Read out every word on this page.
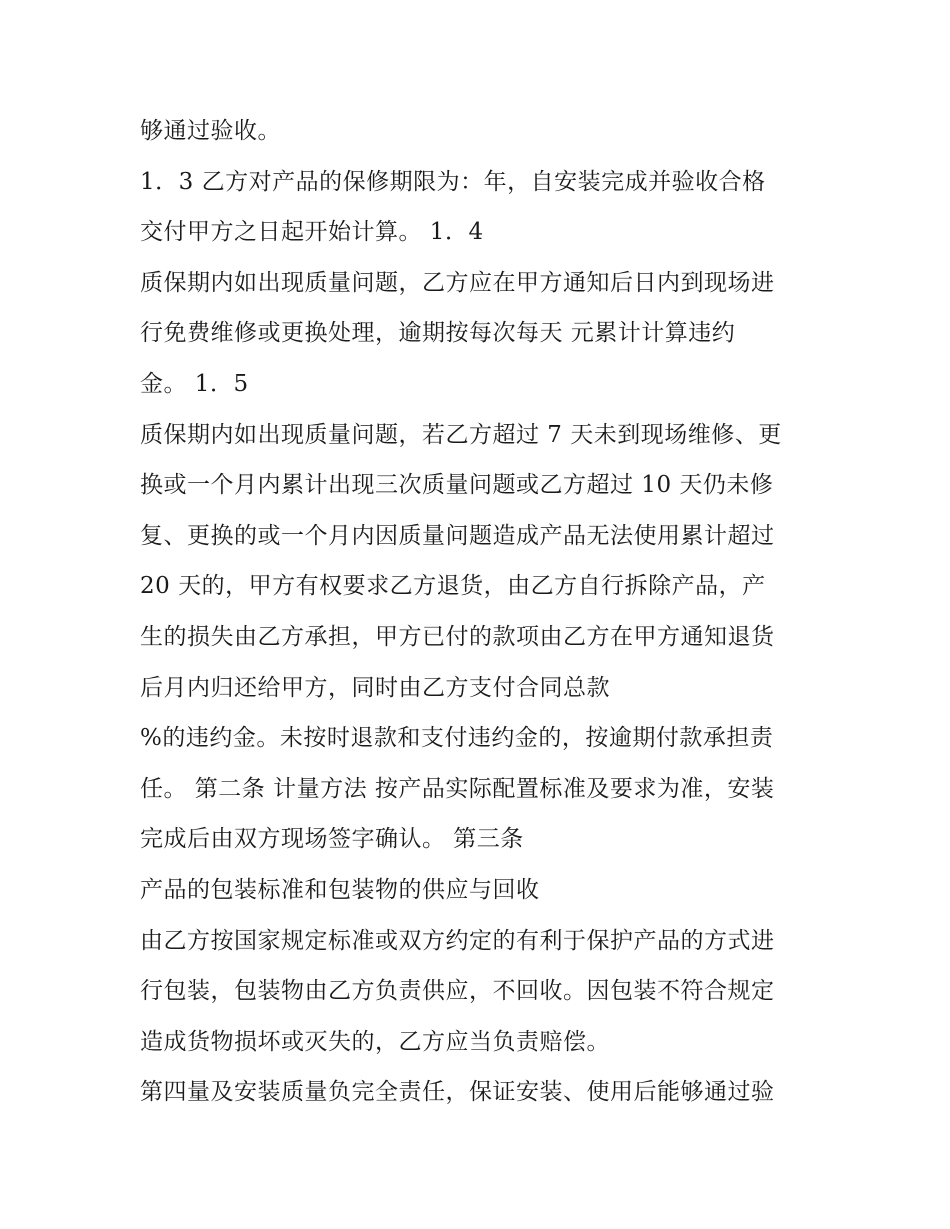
够通过验收。
1．3 乙方对产品的保修期限为：年，自安装完成并验收合格
交付甲方之日起开始计算。 1．4
质保期内如出现质量问题，乙方应在甲方通知后日内到现场进
行免费维修或更换处理，逾期按每次每天 元累计计算违约
金。 1．5
质保期内如出现质量问题，若乙方超过 7 天未到现场维修、更
换或一个月内累计出现三次质量问题或乙方超过 10 天仍未修
复、更换的或一个月内因质量问题造成产品无法使用累计超过
20 天的，甲方有权要求乙方退货，由乙方自行拆除产品，产
生的损失由乙方承担，甲方已付的款项由乙方在甲方通知退货
后月内归还给甲方，同时由乙方支付合同总款
%的违约金。未按时退款和支付违约金的，按逾期付款承担责
任。 第二条 计量方法 按产品实际配置标准及要求为准，安装
完成后由双方现场签字确认。 第三条
产品的包装标准和包装物的供应与回收
由乙方按国家规定标准或双方约定的有利于保护产品的方式进
行包装，包装物由乙方负责供应，不回收。因包装不符合规定
造成货物损坏或灭失的，乙方应当负责赔偿。
第四量及安装质量负完全责任，保证安装、使用后能够通过验
